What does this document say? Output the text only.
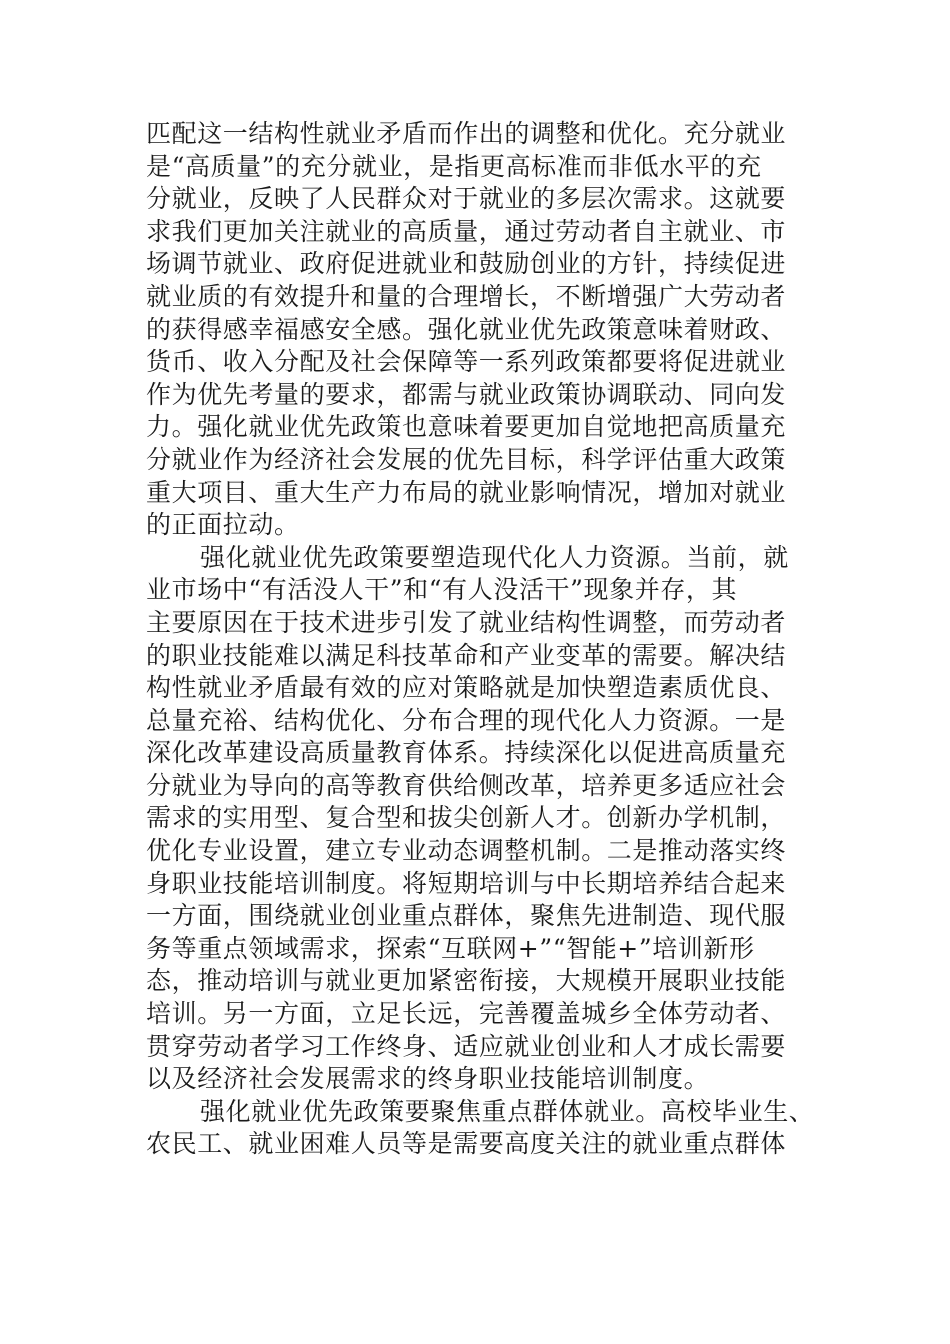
匹配这一结构性就业矛盾而作出的调整和优化。充分就业
是“高质量”的充分就业，是指更高标准而非低水平的充
分就业，反映了人民群众对于就业的多层次需求。这就要
求我们更加关注就业的高质量，通过劳动者自主就业、市
场调节就业、政府促进就业和鼓励创业的方针，持续促进
就业质的有效提升和量的合理增长，不断增强广大劳动者
的获得感幸福感安全感。强化就业优先政策意味着财政、
货币、收入分配及社会保障等一系列政策都要将促进就业
作为优先考量的要求，都需与就业政策协调联动、同向发
力。强化就业优先政策也意味着要更加自觉地把高质量充
分就业作为经济社会发展的优先目标，科学评估重大政策
重大项目、重大生产力布局的就业影响情况，增加对就业
的正面拉动。
强化就业优先政策要塑造现代化人力资源。当前，就
业市场中“有活没人干”和“有人没活干”现象并存，其
主要原因在于技术进步引发了就业结构性调整，而劳动者
的职业技能难以满足科技革命和产业变革的需要。解决结
构性就业矛盾最有效的应对策略就是加快塑造素质优良、
总量充裕、结构优化、分布合理的现代化人力资源。一是
深化改革建设高质量教育体系。持续深化以促进高质量充
分就业为导向的高等教育供给侧改革，培养更多适应社会
需求的实用型、复合型和拔尖创新人才。创新办学机制，
优化专业设置，建立专业动态调整机制。二是推动落实终
身职业技能培训制度。将短期培训与中长期培养结合起来
一方面，围绕就业创业重点群体，聚焦先进制造、现代服
务等重点领域需求，探索“互联网+”“智能+”培训新形
态，推动培训与就业更加紧密衔接，大规模开展职业技能
培训。另一方面，立足长远，完善覆盖城乡全体劳动者、
贯穿劳动者学习工作终身、适应就业创业和人才成长需要
以及经济社会发展需求的终身职业技能培训制度。
强化就业优先政策要聚焦重点群体就业。高校毕业生、
农民工、就业困难人员等是需要高度关注的就业重点群体
